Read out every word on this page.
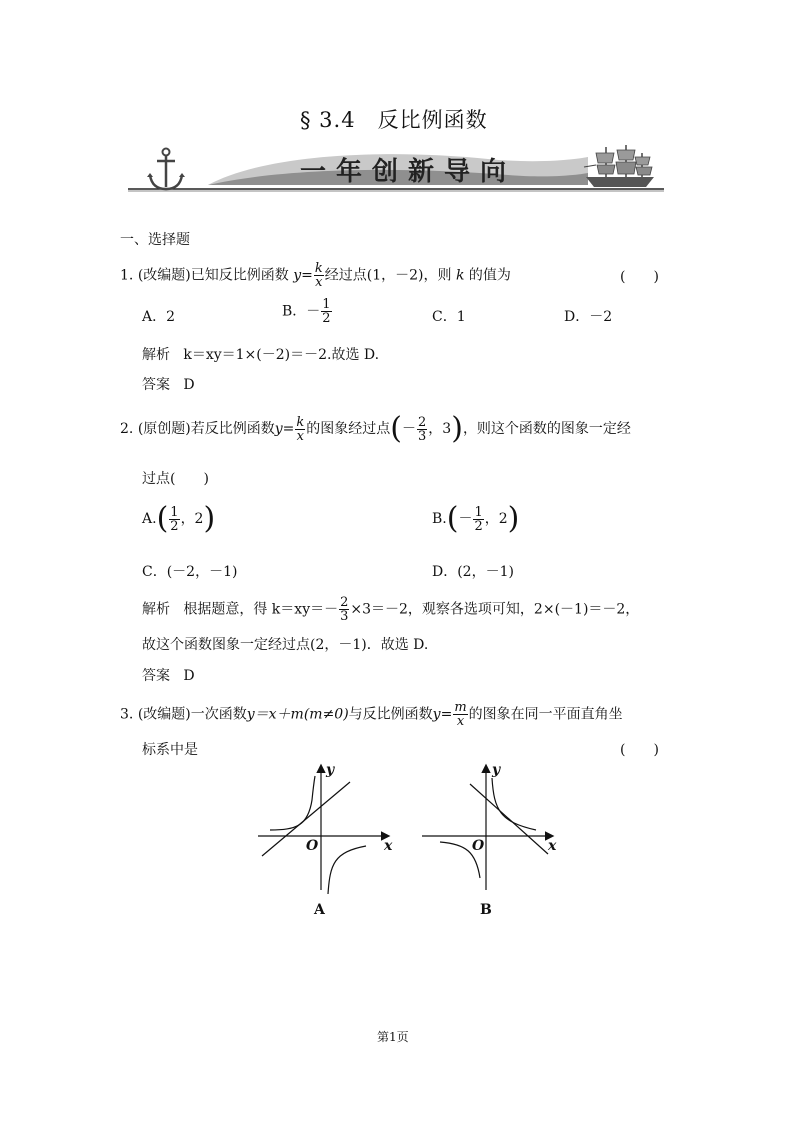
§ 3.4　反比例函数
一年创新导向
一、选择题
1. (改编题)已知反比例函数 $y= \frac{k}{x}$ 经过点(1，－2)，则 k 的值为	(　　)
A．2	B．－ $\frac{1}{2}$	C．1	D．－2
解析 k＝xy＝1×(－2)＝－2.故选 D.
答案 D
2. (原创题)若反比例函数$y= \frac{k}{x}$ 的图象经过点(－ $\frac{2}{3}$ ，3)，则这个函数的图象一定经
过点(　　)
$A.( \frac{1}{2}$ ，2)	$B.(- \frac{1}{2}$ ，2)
C．(－2，－1)	D．(2，－1)
解析 根据题意，得 $k=xy=- \frac{2}{3} \times 3=-2$，观察各选项可知，2×(－1)＝－2，
故这个函数图象一定经过点(2，－1)．故选 D.
答案 D
3. (改编题)一次函数y＝x＋m(m≠0)与反比例函数$y= \frac{m}{x}$ 的图象在同一平面直角坐
标系中是	(　　)
y
x
O
A
y
x
O
B
第1页
